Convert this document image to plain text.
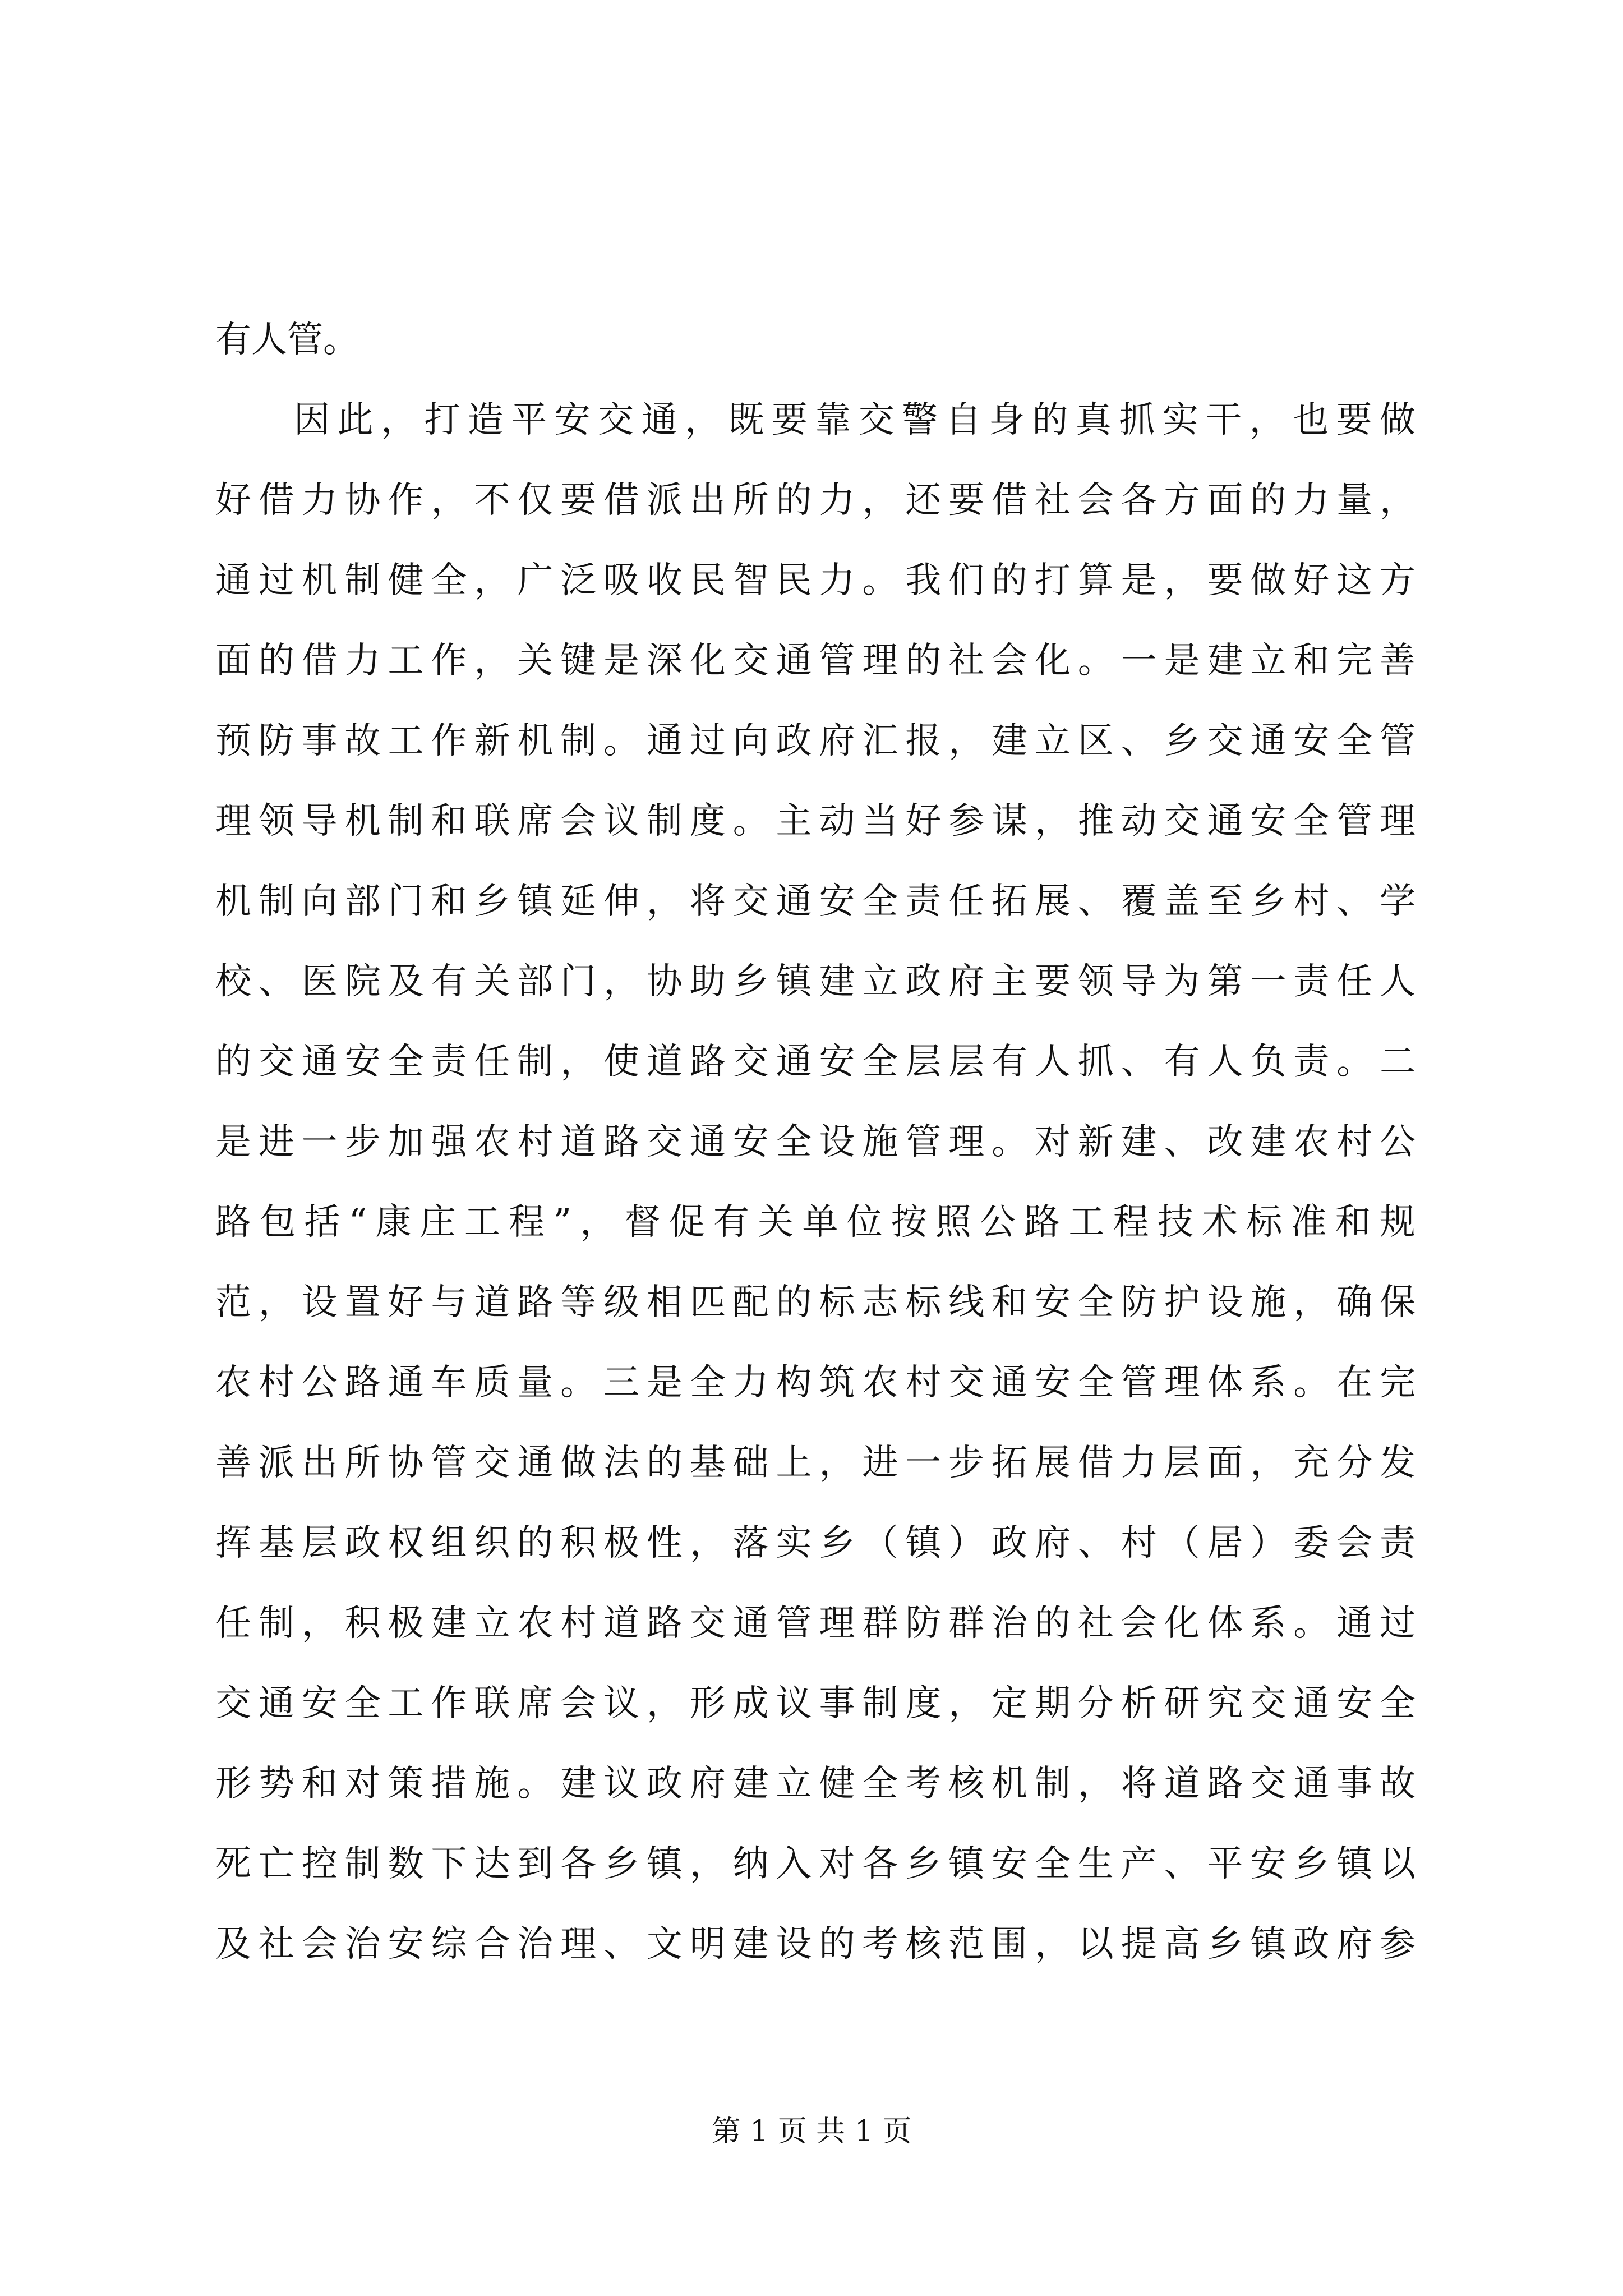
有人管。
因此，打造平安交通，既要靠交警自身的真抓实干，也要做
好借力协作，不仅要借派出所的力，还要借社会各方面的力量，
通过机制健全，广泛吸收民智民力。我们的打算是，要做好这方
面的借力工作，关键是深化交通管理的社会化。一是建立和完善
预防事故工作新机制。通过向政府汇报，建立区、乡交通安全管
理领导机制和联席会议制度。主动当好参谋，推动交通安全管理
机制向部门和乡镇延伸，将交通安全责任拓展、覆盖至乡村、学
校、医院及有关部门，协助乡镇建立政府主要领导为第一责任人
的交通安全责任制，使道路交通安全层层有人抓、有人负责。二
是进一步加强农村道路交通安全设施管理。对新建、改建农村公
路包括“康庄工程”，督促有关单位按照公路工程技术标准和规
范，设置好与道路等级相匹配的标志标线和安全防护设施，确保
农村公路通车质量。三是全力构筑农村交通安全管理体系。在完
善派出所协管交通做法的基础上，进一步拓展借力层面，充分发
挥基层政权组织的积极性，落实乡（镇）政府、村（居）委会责
任制，积极建立农村道路交通管理群防群治的社会化体系。通过
交通安全工作联席会议，形成议事制度，定期分析研究交通安全
形势和对策措施。建议政府建立健全考核机制，将道路交通事故
死亡控制数下达到各乡镇，纳入对各乡镇安全生产、平安乡镇以
及社会治安综合治理、文明建设的考核范围，以提高乡镇政府参
第 1 页 共 1 页
